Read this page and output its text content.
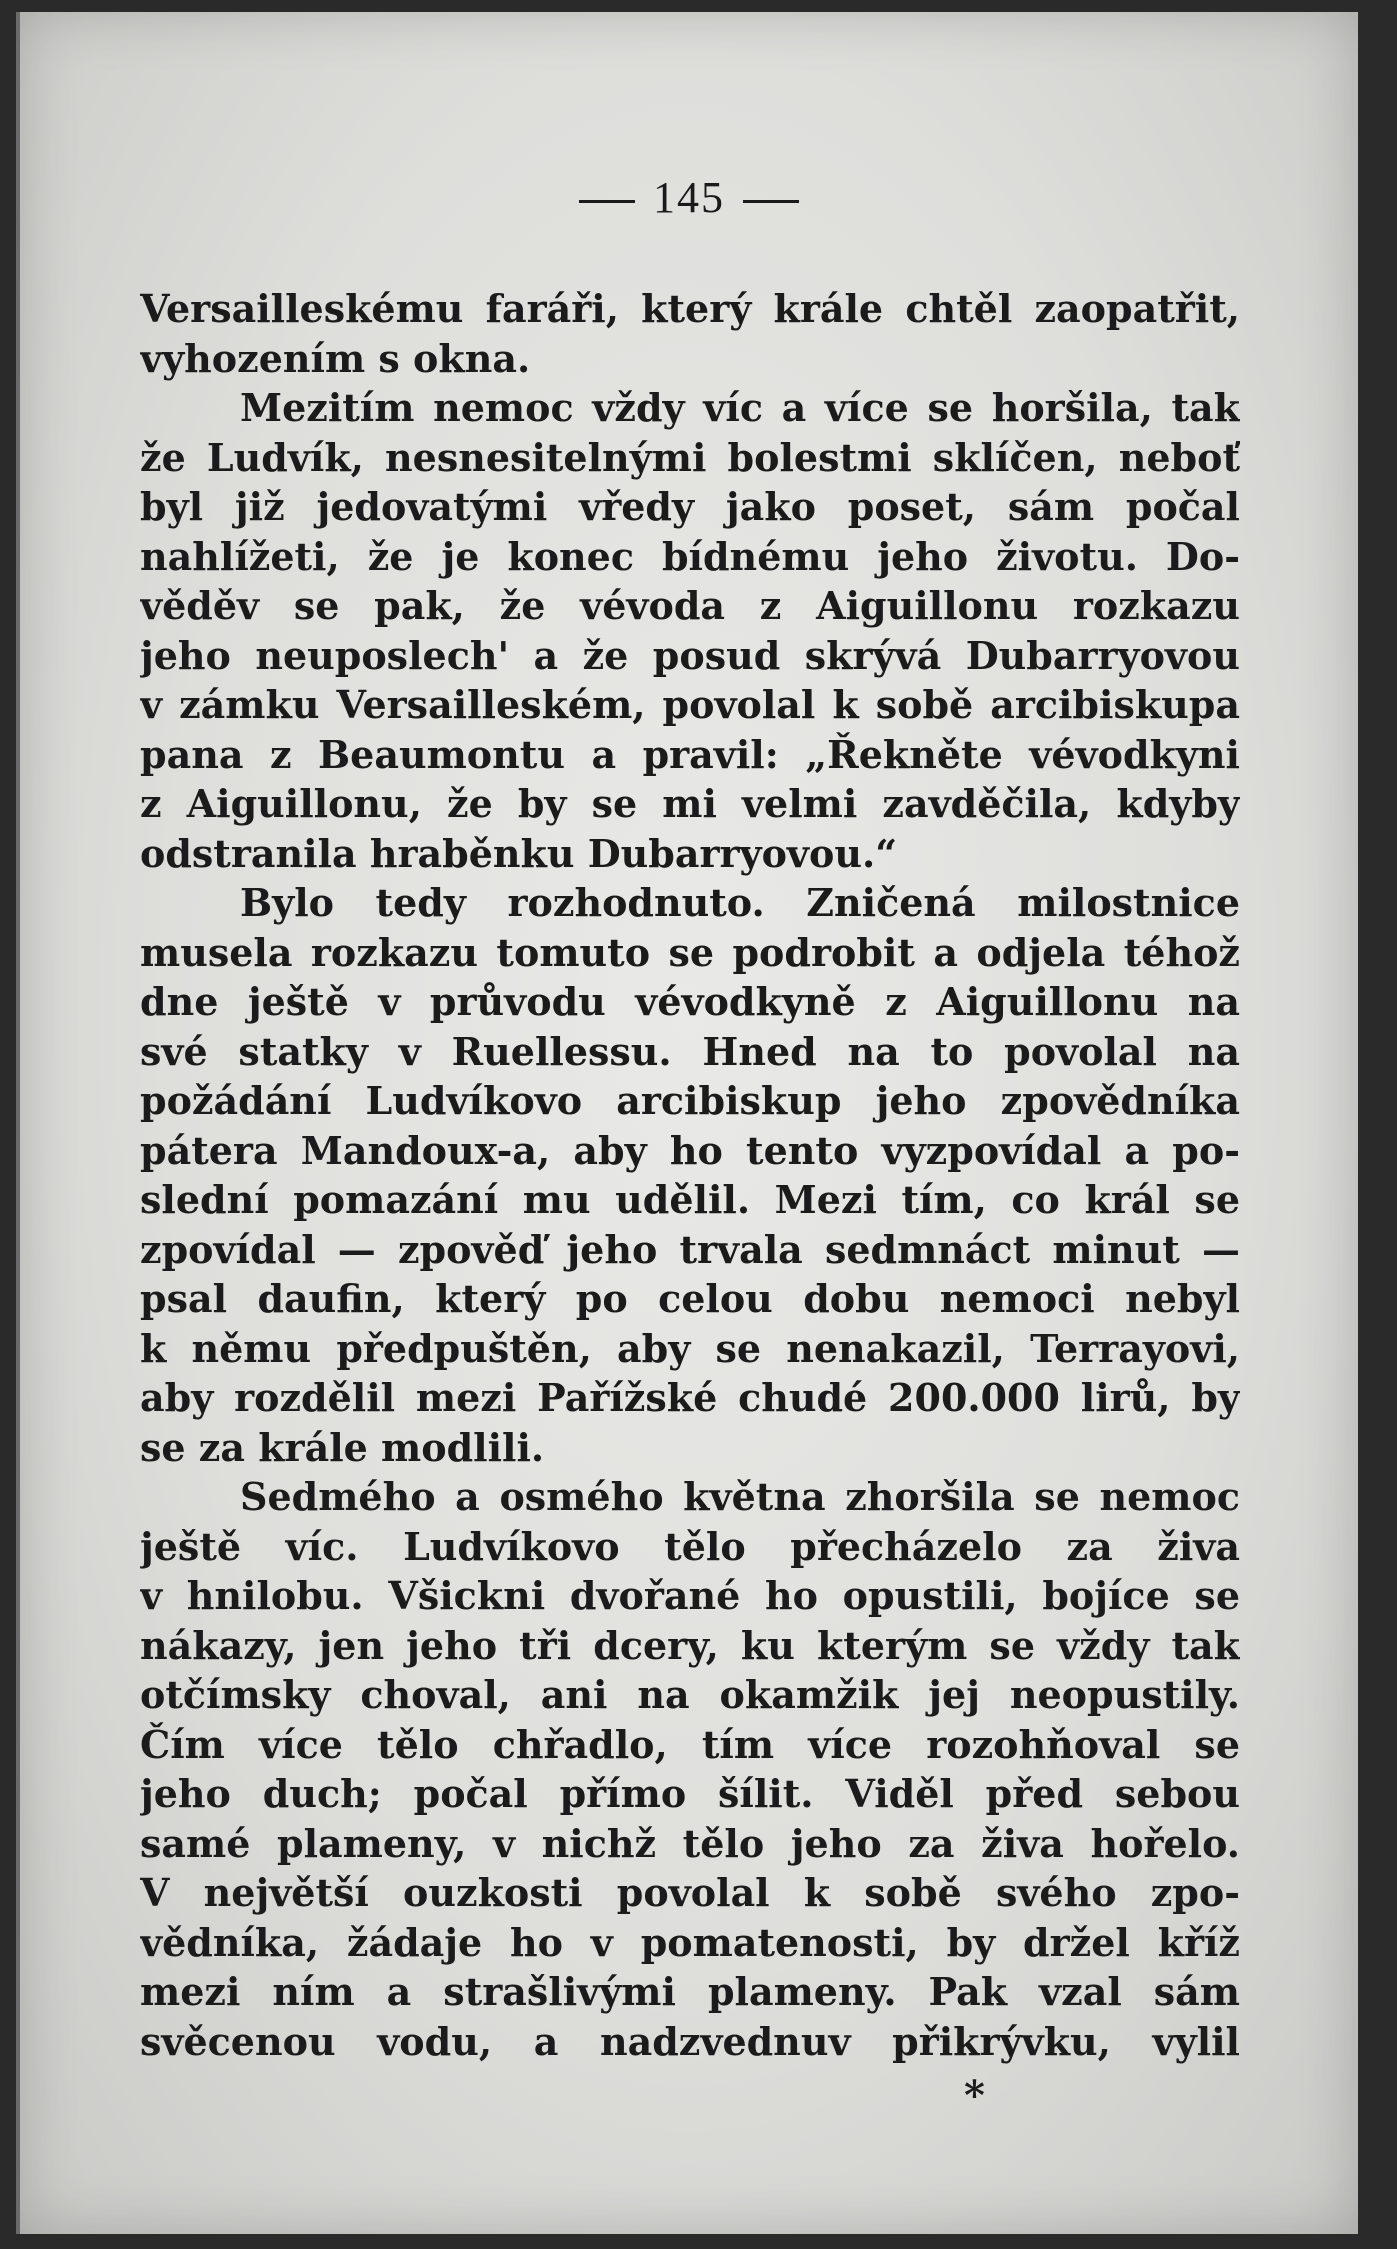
145
Versailleskému faráři, který krále chtěl zaopatřit,
vyhozením s okna.
Mezitím nemoc vždy víc a více se horšila, tak
že Ludvík, nesnesitelnými bolestmi sklíčen, neboť
byl již jedovatými vředy jako poset, sám počal
nahlížeti, že je konec bídnému jeho životu. Do-
věděv se pak, že vévoda z Aiguillonu rozkazu
jeho neuposlech' a že posud skrývá Dubarryovou
v zámku Versailleském, povolal k sobě arcibiskupa
pana z Beaumontu a pravil: „Řekněte vévodkyni
z Aiguillonu, že by se mi velmi zavděčila, kdyby
odstranila hraběnku Dubarryovou.“
Bylo tedy rozhodnuto. Zničená milostnice
musela rozkazu tomuto se podrobit a odjela téhož
dne ještě v průvodu vévodkyně z Aiguillonu na
své statky v Ruellessu. Hned na to povolal na
požádání Ludvíkovo arcibiskup jeho zpovědníka
pátera Mandoux-a, aby ho tento vyzpovídal a po-
slední pomazání mu udělil. Mezi tím, co král se
zpovídal — zpověď jeho trvala sedmnáct minut —
psal daufin, který po celou dobu nemoci nebyl
k němu předpuštěn, aby se nenakazil, Terrayovi,
aby rozdělil mezi Pařížské chudé 200.000 lirů, by
se za krále modlili.
Sedmého a osmého května zhoršila se nemoc
ještě víc. Ludvíkovo tělo přecházelo za živa
v hnilobu. Všickni dvořané ho opustili, bojíce se
nákazy, jen jeho tři dcery, ku kterým se vždy tak
otčímsky choval, ani na okamžik jej neopustily.
Čím více tělo chřadlo, tím více rozohňoval se
jeho duch; počal přímo šílit. Viděl před sebou
samé plameny, v nichž tělo jeho za živa hořelo.
V největší ouzkosti povolal k sobě svého zpo-
vědníka, žádaje ho v pomatenosti, by držel kříž
mezi ním a strašlivými plameny. Pak vzal sám
svěcenou vodu, a nadzvednuv přikrývku, vylil
*
